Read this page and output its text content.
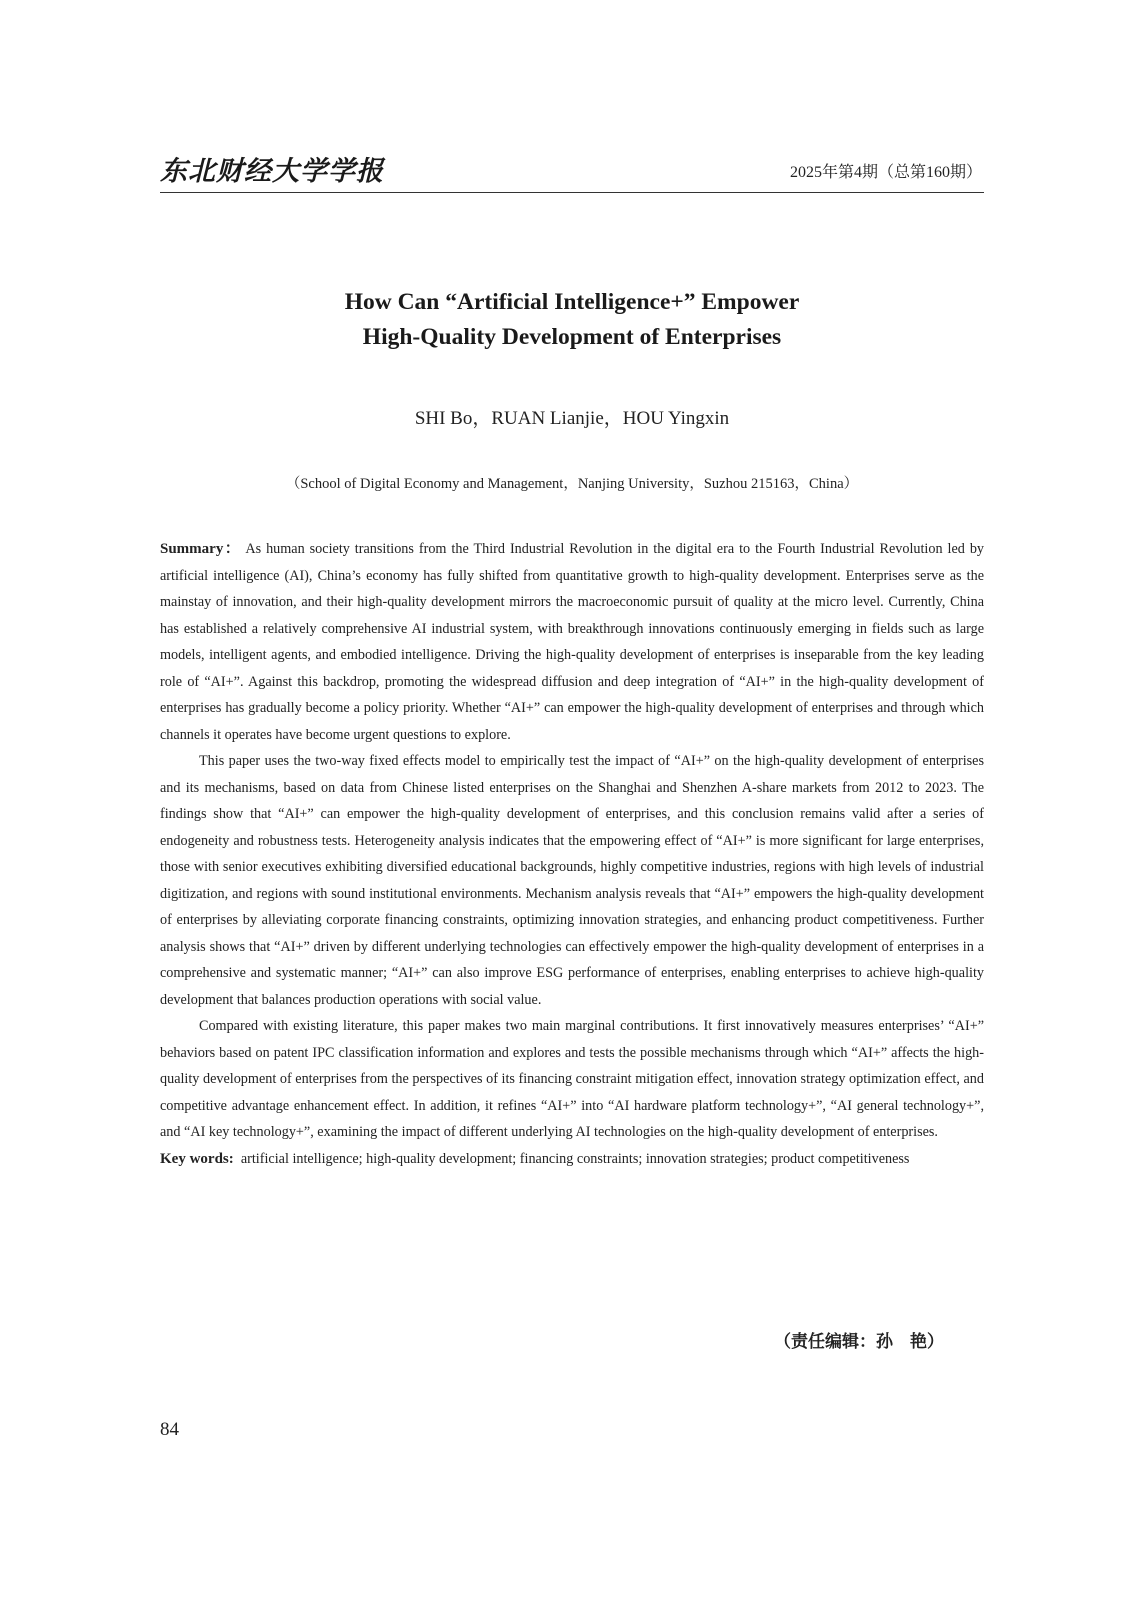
东北财经大学学报	2025年第4期（总第160期）
How Can “Artificial Intelligence+” Empower
High-Quality Development of Enterprises
SHI Bo，RUAN Lianjie，HOU Yingxin
（School of Digital Economy and Management，Nanjing University，Suzhou 215163，China）

Summary： As human society transitions from the Third Industrial Revolution in the digital era to the Fourth Industrial Revolution led by artificial intelligence (AI), China’s economy has fully shifted from quantitative growth to high-quality development. Enterprises serve as the mainstay of innovation, and their high-quality development mirrors the macroeconomic pursuit of quality at the micro level. Currently, China has established a relatively comprehensive AI industrial system, with breakthrough innovations continuously emerging in fields such as large models, intelligent agents, and embodied intelligence. Driving the high-quality development of enterprises is inseparable from the key leading role of “AI+”. Against this backdrop, promoting the widespread diffusion and deep integration of “AI+” in the high-quality development of enterprises has gradually become a policy priority. Whether “AI+” can empower the high-quality development of enterprises and through which channels it operates have become urgent questions to explore.

This paper uses the two-way fixed effects model to empirically test the impact of “AI+” on the high-quality development of enterprises and its mechanisms, based on data from Chinese listed enterprises on the Shanghai and Shenzhen A-share markets from 2012 to 2023. The findings show that “AI+” can empower the high-quality development of enterprises, and this conclusion remains valid after a series of endogeneity and robustness tests. Heterogeneity analysis indicates that the empowering effect of “AI+” is more significant for large enterprises, those with senior executives exhibiting diversified educational backgrounds, highly competitive industries, regions with high levels of industrial digitization, and regions with sound institutional environments. Mechanism analysis reveals that “AI+” empowers the high-quality development of enterprises by alleviating corporate financing constraints, optimizing innovation strategies, and enhancing product competitiveness. Further analysis shows that “AI+” driven by different underlying technologies can effectively empower the high-quality development of enterprises in a comprehensive and systematic manner; “AI+” can also improve ESG performance of enterprises, enabling enterprises to achieve high-quality development that balances production operations with social value.

Compared with existing literature, this paper makes two main marginal contributions. It first innovatively measures enterprises’ “AI+” behaviors based on patent IPC classification information and explores and tests the possible mechanisms through which “AI+” affects the high-quality development of enterprises from the perspectives of its financing constraint mitigation effect, innovation strategy optimization effect, and competitive advantage enhancement effect. In addition, it refines “AI+” into “AI hardware platform technology+”, “AI general technology+”, and “AI key technology+”, examining the impact of different underlying AI technologies on the high-quality development of enterprises.

Key words: artificial intelligence; high-quality development; financing constraints; innovation strategies; product competitiveness

（责任编辑：孙　艳）
84
